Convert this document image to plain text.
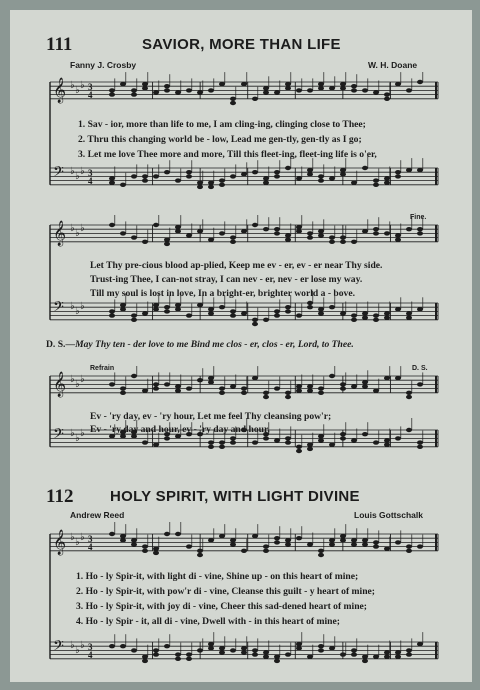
111	SAVIOR, MORE THAN LIFE
Fanny J. Crosby	W. H. Doane
𝄞 ♭ ♭ ♭ 3
4
𝄢 ♭ ♭ ♭ 3
4
1. Sav - ior, more than life to me, I am cling-ing, clinging close to Thee;
2. Thru this changing world be - low, Lead me gen-tly, gen-tly as I go;
3. Let me love Thee more and more, Till this fleet-ing, fleet-ing life is o'er,
𝄞 ♭ ♭ ♭
𝄢 ♭ ♭ ♭
Fine.
Let Thy pre-cious blood ap-plied, Keep me ev - er, ev - er near Thy side.
Trust-ing Thee, I can-not stray, I can nev - er, nev - er lose my way.
Till my soul is lost in love, In a bright-er, brighter world a - bove.
D. S.—May Thy ten - der love to me Bind me clos - er, clos - er, Lord, to Thee.
𝄞 ♭ ♭ ♭
𝄢 ♭ ♭ ♭
Refrain	D. S.
Ev - 'ry day, ev - 'ry hour, Let me feel Thy cleansing pow'r;
Ev - 'ry day and hour, ev - 'ry day and hour,
112 HOLY SPIRIT, WITH LIGHT DIVINE
Andrew Reed	Louis Gottschalk
𝄞 ♭ ♭ ♭ 3
4
𝄢 ♭ ♭ ♭ 3
4
1. Ho - ly Spir-it, with light di - vine, Shine up - on this heart of mine;
2. Ho - ly Spir-it, with pow'r di - vine, Cleanse this guilt - y heart of mine;
3. Ho - ly Spir-it, with joy di - vine, Cheer this sad-dened heart of mine;
4. Ho - ly Spir - it, all di - vine, Dwell with - in this heart of mine;
